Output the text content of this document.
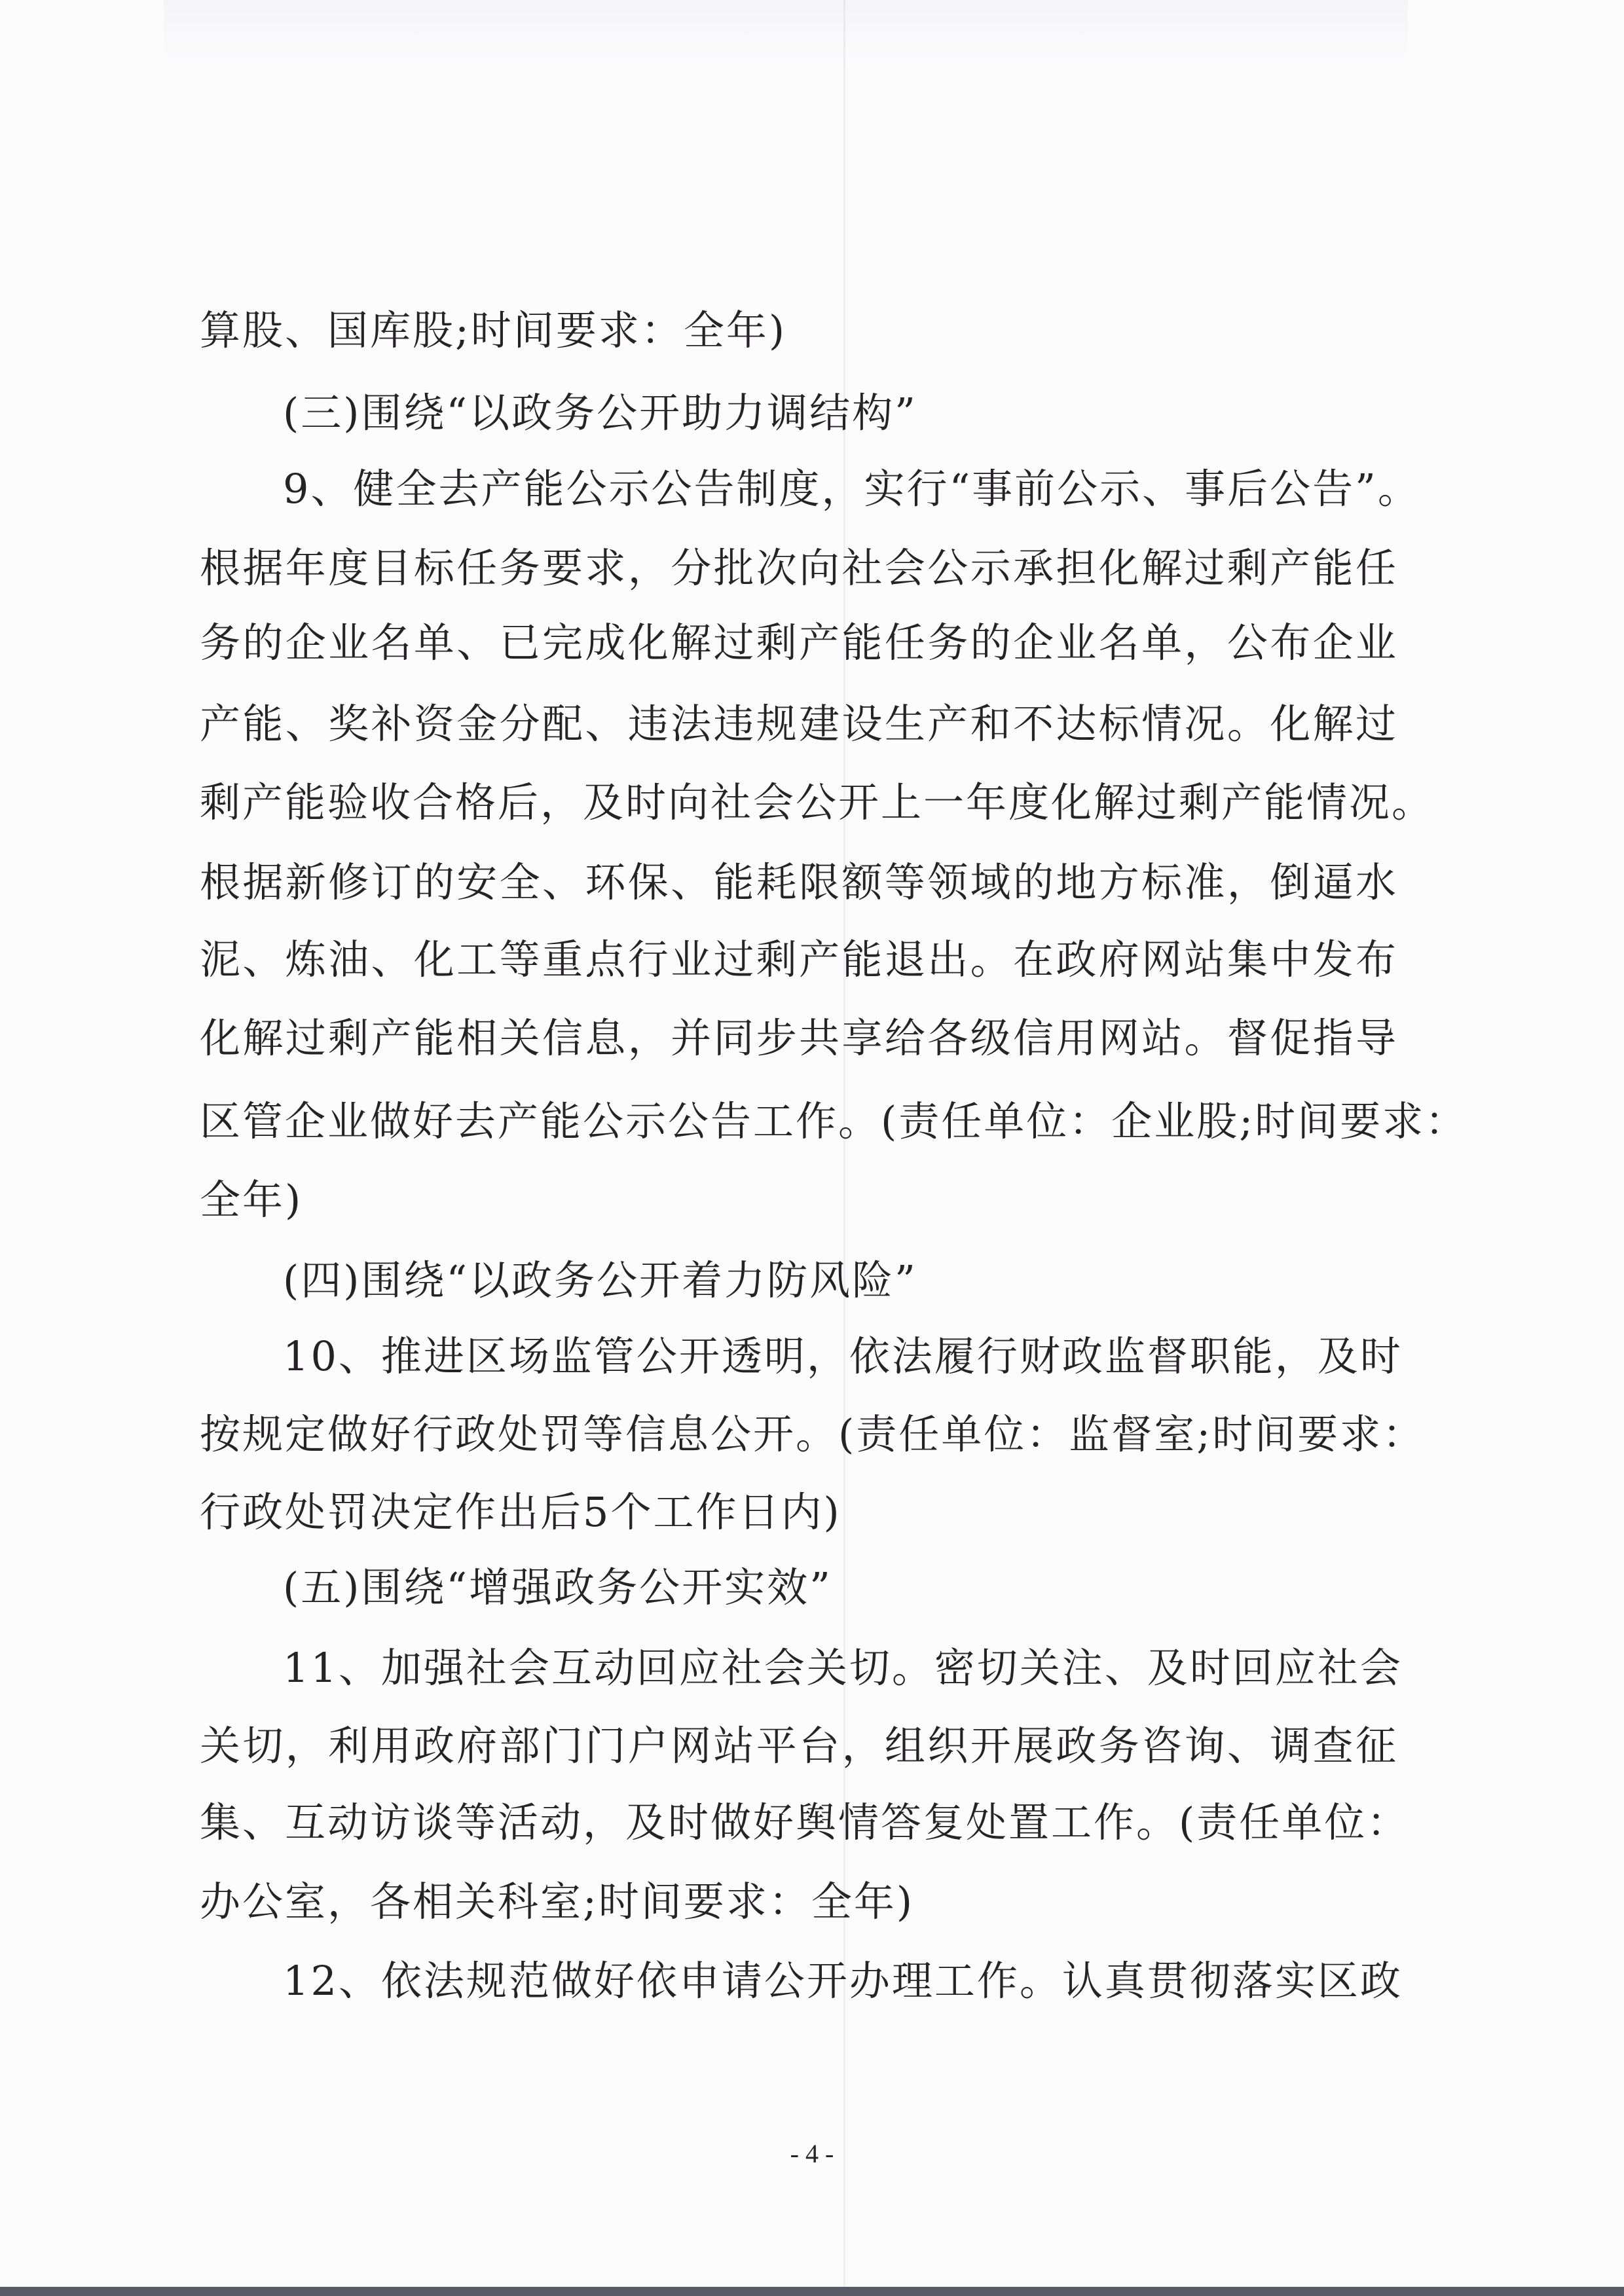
算股、国库股;时间要求：全年)
(三)围绕“以政务公开助力调结构”
9、健全去产能公示公告制度，实行“事前公示、事后公告”。
根据年度目标任务要求，分批次向社会公示承担化解过剩产能任
务的企业名单、已完成化解过剩产能任务的企业名单，公布企业
产能、奖补资金分配、违法违规建设生产和不达标情况。化解过
剩产能验收合格后，及时向社会公开上一年度化解过剩产能情况。
根据新修订的安全、环保、能耗限额等领域的地方标准，倒逼水
泥、炼油、化工等重点行业过剩产能退出。在政府网站集中发布
化解过剩产能相关信息，并同步共享给各级信用网站。督促指导
区管企业做好去产能公示公告工作。(责任单位：企业股;时间要求：
全年)
(四)围绕“以政务公开着力防风险”
10、推进区场监管公开透明，依法履行财政监督职能，及时
按规定做好行政处罚等信息公开。(责任单位：监督室;时间要求：
行政处罚决定作出后5个工作日内)
(五)围绕“增强政务公开实效”
11、加强社会互动回应社会关切。密切关注、及时回应社会
关切，利用政府部门门户网站平台，组织开展政务咨询、调查征
集、互动访谈等活动，及时做好舆情答复处置工作。(责任单位：
办公室，各相关科室;时间要求：全年)
12、依法规范做好依申请公开办理工作。认真贯彻落实区政
- 4 -
